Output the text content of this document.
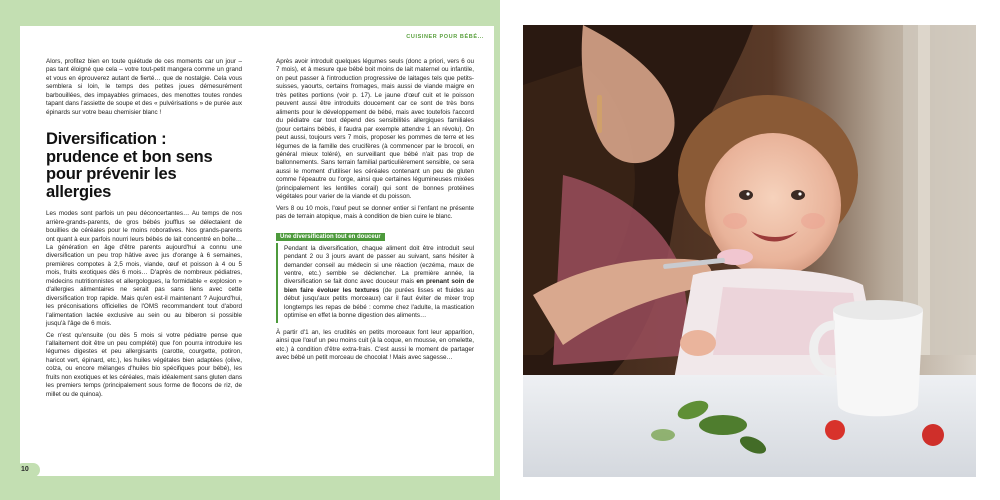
CUISINER POUR BÉBÉ...

Alors, profitez bien en toute quiétude de ces moments car un jour – pas tant éloigné que cela – votre tout-petit mangera comme un grand et vous en éprouverez autant de fierté… que de nostalgie. Cela vous semblera si loin, le temps des petites joues démesurément barbouillées, des impayables grimaces, des menottes toutes rondes tapant dans l'assiette de soupe et des « pulvérisations » de purée aux épinards sur votre beau chemisier blanc !

Diversification : prudence et bon sens pour prévenir les allergies

Les modes sont parfois un peu déconcertantes… Au temps de nos arrière-grands-parents, de gros bébés joufflus se délectaient de bouillies de céréales pour le moins roboratives. Nos grands-parents ont quant à eux parfois nourri leurs bébés de lait concentré en boîte… La génération en âge d'être parents aujourd'hui a connu une diversification un peu trop hâtive avec jus d'orange à 6 semaines, premières compotes à 2,5 mois, viande, œuf et poisson à 4 ou 5 mois, fruits exotiques dès 6 mois… D'après de nombreux pédiatres, médecins nutritionnistes et allergologues, la formidable « explosion » d'allergies alimentaires ne serait pas sans liens avec cette diversification trop rapide. Mais qu'en est-il maintenant ? Aujourd'hui, les préconisations officielles de l'OMS recommandent tout d'abord l'alimentation lactée exclusive au sein ou au biberon si possible jusqu'à l'âge de 6 mois.

Ce n'est qu'ensuite (ou dès 5 mois si votre pédiatre pense que l'allaitement doit être un peu complété) que l'on pourra introduire les légumes digestes et peu allergisants (carotte, courgette, potiron, haricot vert, épinard, etc.), les huiles végétales bien adaptées (olive, colza, ou encore mélanges d'huiles bio spécifiques pour bébé), les fruits non exotiques et les céréales, mais idéalement sans gluten dans les premiers temps (principalement sous forme de flocons de riz, de millet ou de quinoa).

Après avoir introduit quelques légumes seuls (donc a priori, vers 6 ou 7 mois), et à mesure que bébé boit moins de lait maternel ou infantile, on peut passer à l'introduction progressive de laitages tels que petits-suisses, yaourts, certains fromages, mais aussi de viande maigre en très petites portions (voir p. 17). Le jaune d'œuf cuit et le poisson peuvent aussi être introduits doucement car ce sont de très bons aliments pour le développement de bébé, mais avec toutefois l'accord du pédiatre car tout dépend des sensibilités allergiques familiales (pour certains bébés, il faudra par exemple attendre 1 an révolu). On peut aussi, toujours vers 7 mois, proposer les pommes de terre et les légumes de la famille des crucifères (à commencer par le brocoli, en général mieux toléré), en surveillant que bébé n'ait pas trop de ballonnements. Sans terrain familial particulièrement sensible, ce sera aussi le moment d'utiliser les céréales contenant un peu de gluten comme l'épeautre ou l'orge, ainsi que certaines légumineuses mixées (principalement les lentilles corail) qui sont de bonnes protéines végétales pour varier de la viande et du poisson.

Vers 8 ou 10 mois, l'œuf peut se donner entier si l'enfant ne présente pas de terrain atopique, mais à condition de bien cuire le blanc.

Une diversification tout en douceur

Pendant la diversification, chaque aliment doit être introduit seul pendant 2 ou 3 jours avant de passer au suivant, sans hésiter à demander conseil au médecin si une réaction (eczéma, maux de ventre, etc.) semble se déclencher. La première année, la diversification se fait donc avec douceur mais en prenant soin de bien faire évoluer les textures (de purées lisses et fluides au début jusqu'aux petits morceaux) car il faut éviter de mixer trop longtemps les repas de bébé : comme chez l'adulte, la mastication optimise en effet la bonne digestion des aliments…

À partir d'1 an, les crudités en petits morceaux font leur apparition, ainsi que l'œuf un peu moins cuit (à la coque, en mousse, en omelette, etc.) à condition d'être extra-frais. C'est aussi le moment de partager avec bébé un petit morceau de chocolat ! Mais avec sagesse…

10
